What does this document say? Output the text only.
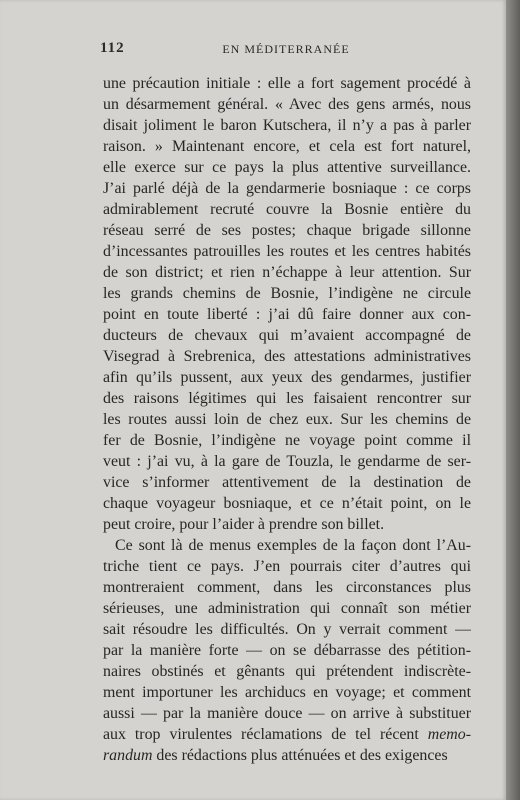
112	EN MÉDITERRANÉE
une précaution initiale : elle a fort sagement procédé à
un désarmement général. « Avec des gens armés, nous
disait joliment le baron Kutschera, il n’y a pas à parler
raison. » Maintenant encore, et cela est fort naturel,
elle exerce sur ce pays la plus attentive surveillance.
J’ai parlé déjà de la gendarmerie bosniaque : ce corps
admirablement recruté couvre la Bosnie entière du
réseau serré de ses postes; chaque brigade sillonne
d’incessantes patrouilles les routes et les centres habités
de son district; et rien n’échappe à leur attention. Sur
les grands chemins de Bosnie, l’indigène ne circule
point en toute liberté : j’ai dû faire donner aux con-
ducteurs de chevaux qui m’avaient accompagné de
Visegrad à Srebrenica, des attestations administratives
afin qu’ils pussent, aux yeux des gendarmes, justifier
des raisons légitimes qui les faisaient rencontrer sur
les routes aussi loin de chez eux. Sur les chemins de
fer de Bosnie, l’indigène ne voyage point comme il
veut : j’ai vu, à la gare de Touzla, le gendarme de ser-
vice s’informer attentivement de la destination de
chaque voyageur bosniaque, et ce n’était point, on le
peut croire, pour l’aider à prendre son billet.
Ce sont là de menus exemples de la façon dont l’Au-
triche tient ce pays. J’en pourrais citer d’autres qui
montreraient comment, dans les circonstances plus
sérieuses, une administration qui connaît son métier
sait résoudre les difficultés. On y verrait comment —
par la manière forte — on se débarrasse des pétition-
naires obstinés et gênants qui prétendent indiscrète-
ment importuner les archiducs en voyage; et comment
aussi — par la manière douce — on arrive à substituer
aux trop virulentes réclamations de tel récent memo-
randum des rédactions plus atténuées et des exigences
